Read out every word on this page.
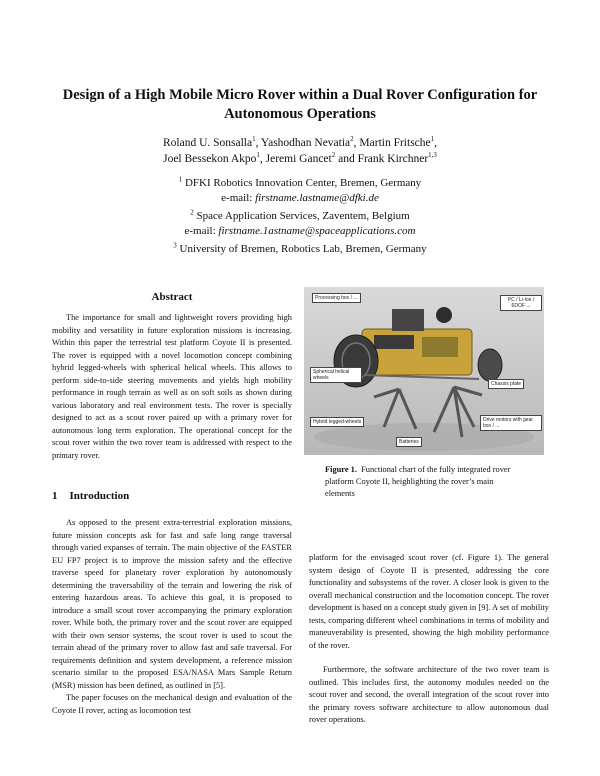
Design of a High Mobile Micro Rover within a Dual Rover Configuration for
Autonomous Operations
Roland U. Sonsalla$^1$, Yashodhan Nevatia$^2$, Martin Fritsche$^1$,
Joel Bessekon Akpo$^1$, Jeremi Gancet$^2$ and Frank Kirchner$^{1,3}$
$^1$ DFKI Robotics Innovation Center, Bremen, Germany
e-mail: firstname.lastname@dfki.de
$^2$ Space Application Services, Zaventem, Belgium
e-mail: firstname.1astname@spaceapplications.com
$^3$ University of Bremen, Robotics Lab, Bremen, Germany
Abstract
The importance for small and lightweight rovers providing high mobility and versatility in future exploration missions is increasing. Within this paper the terrestrial test platform Coyote II is presented. The rover is equipped with a novel locomotion concept combining hybrid legged-wheels with spherical helical wheels. This allows to perform side-to-side steering movements and yields high mobility performance in rough terrain as well as on soft soils as shown during various laboratory and real environment tests. The rover is specially designed to act as a scout rover paired up with a primary rover for autonomous long term exploration. The operational concept for the scout rover within the two rover team is addressed with respect to the primary rover.
1 Introduction

As opposed to the present extra-terrestrial exploration missions, future mission concepts ask for fast and safe long range traversal through varied expanses of terrain. The main objective of the FASTER EU FP7 project is to improve the mission safety and the effective traverse speed for planetary rover exploration by autonomously determining the traversability of the terrain and lowering the risk of entering hazardous areas. To achieve this goal, it is proposed to introduce a small scout rover accompanying the primary exploration rover. While both, the primary rover and the scout rover are equipped with their own sensor systems, the scout rover is used to scout the terrain ahead of the primary rover to allow fast and safe traversal. For requirements definition and system development, a reference mission scenario similar to the proposed ESA/NASA Mars Sample Return (MSR) mission has been defined, as outlined in [5].

The paper focuses on the mechanical design and evaluation of the Coyote II rover, acting as locomotion test

Processing box / ...	PC / Li-Ion / 6DOF ...
Spherical helical wheels
Chassis plate
Hybrid legged-wheels
Batteries
Drive motors with gear box / ...
Figure 1. Functional chart of the fully integrated rover platform Coyote II, heighlighting the rover’s main elements

platform for the envisaged scout rover (cf. Figure 1). The general system design of Coyote II is presented, addressing the core functionality and subsystems of the rover. A closer look is given to the overall mechanical construction and the locomotion concept. The rover development is based on a concept study given in [9]. A set of mobility tests, comparing different wheel combinations in terms of mobility and maneuverability is presented, showing the high mobility performance of the rover.

Furthermore, the software architecture of the two rover team is outlined. This includes first, the autonomy modules needed on the scout rover and second, the overall integration of the scout rover into the primary rovers software architecture to allow autonomous dual rover operations.
